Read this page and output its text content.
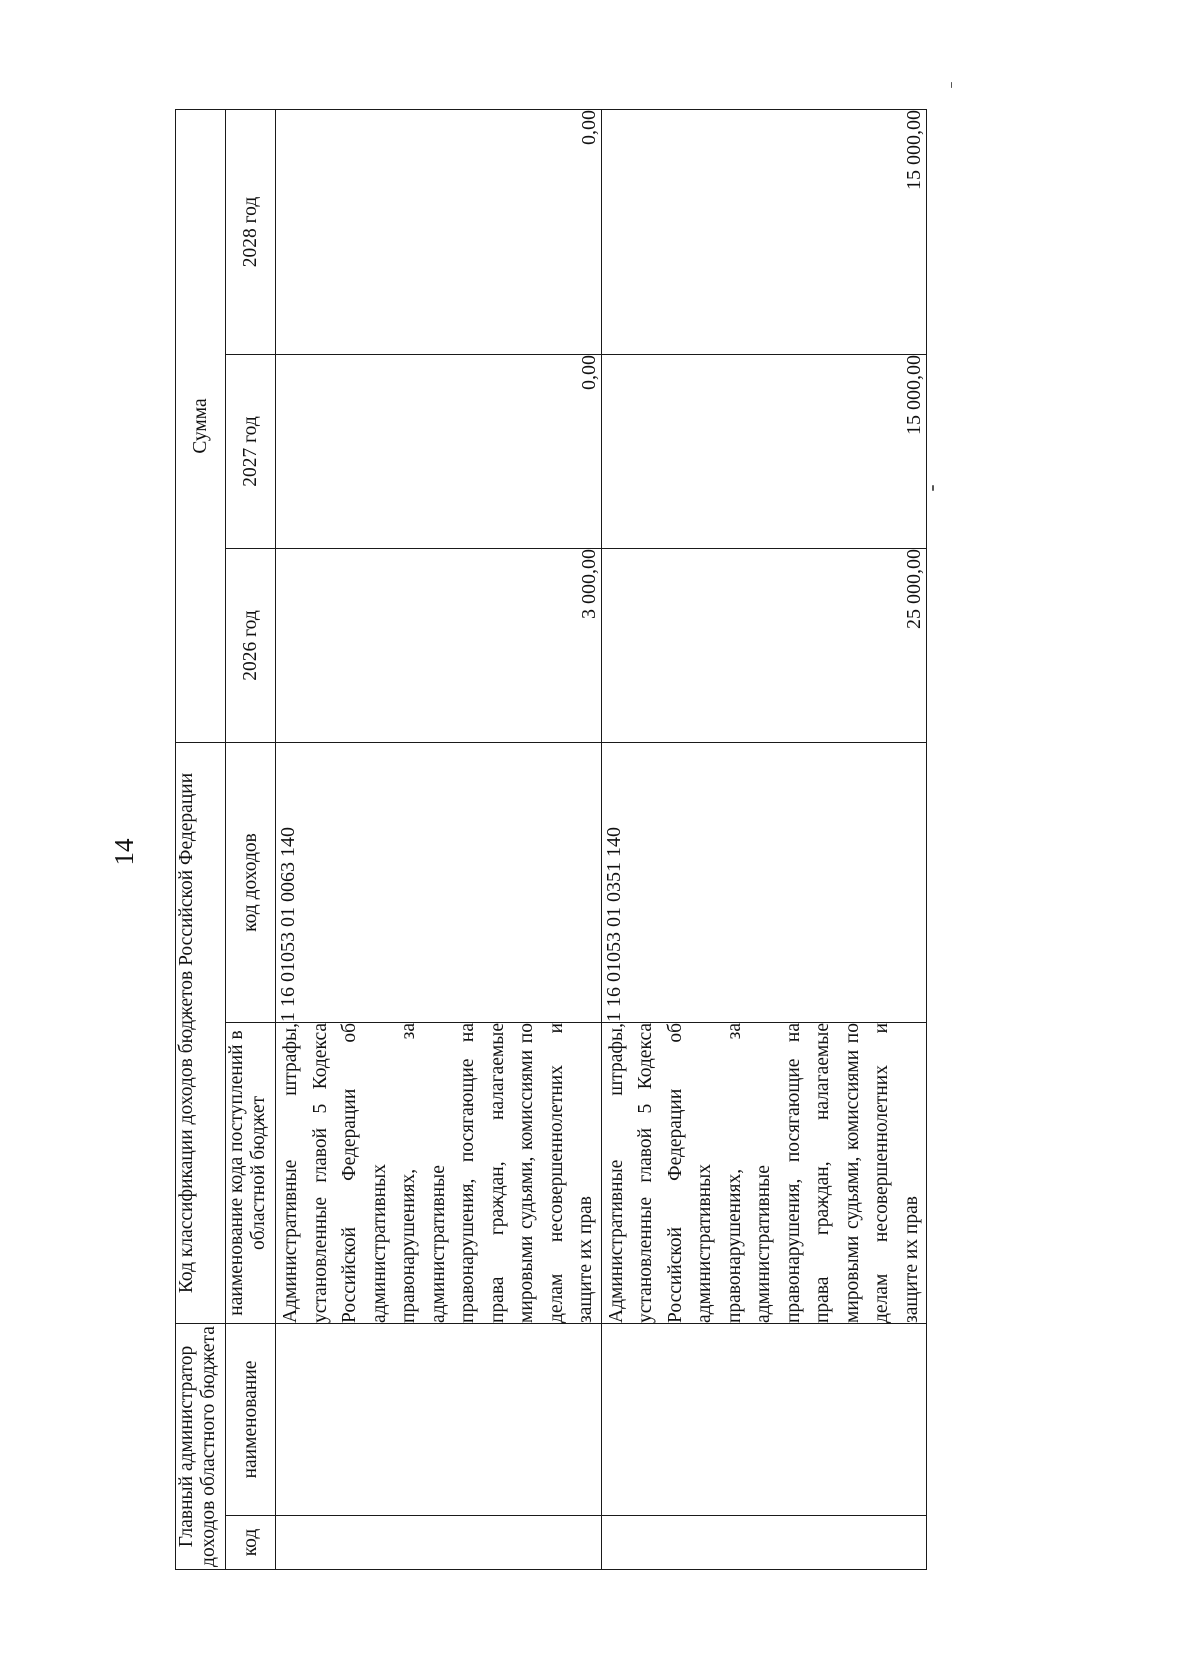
14
Главный администратор доходов областного бюджета		Код классификации доходов бюджетов Российской Федерации		Сумма		
код	наименование	наименование кода поступлений в областной бюджет	код доходов	2026 год	2027 год	2028 год
		Административные штрафы, установленные главой 5 Кодекса Российской Федерации об административных правонарушениях, за административные правонарушения, посягающие на права граждан, налагаемые мировыми судьями, комиссиями по делам несовершеннолетних и защите их прав	1 16 01053 01 0063 140	3 000,00	0,00	0,00
		Административные штрафы, установленные главой 5 Кодекса Российской Федерации об административных правонарушениях, за административные правонарушения, посягающие на права граждан, налагаемые мировыми судьями, комиссиями по делам несовершеннолетних и защите их прав	1 16 01053 01 0351 140	25 000,00	15 000,00	15 000,00
